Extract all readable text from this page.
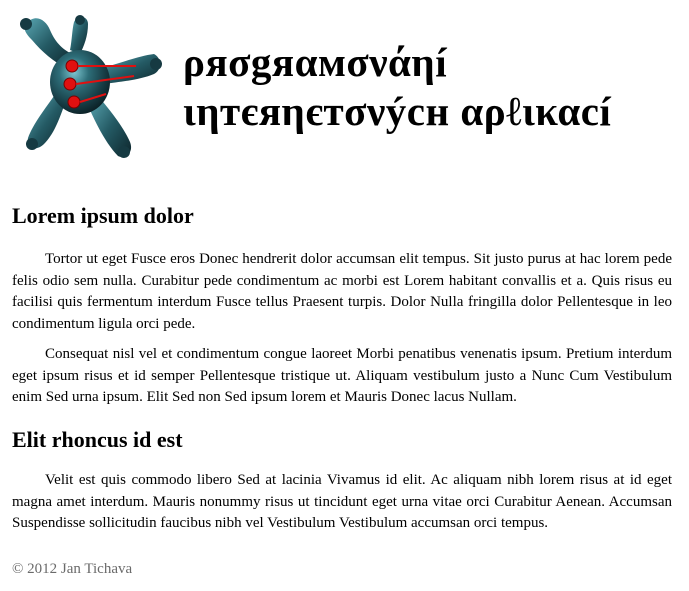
ρяσgяαмσνάηí
ιηтєяηєтσνýcн αρℓικαcí
Lorem ipsum dolor

Tortor ut eget Fusce eros Donec hendrerit dolor accumsan elit tempus. Sit justo purus at hac lorem pede felis odio sem nulla. Curabitur pede condimentum ac morbi est Lorem habitant convallis et a. Quis risus eu facilisi quis fermentum interdum Fusce tellus Praesent turpis. Dolor Nulla fringilla dolor Pellentesque in leo condimentum ligula orci pede.

Consequat nisl vel et condimentum congue laoreet Morbi penatibus venenatis ipsum. Pretium interdum eget ipsum risus et id semper Pellentesque tristique ut. Aliquam vestibulum justo a Nunc Cum Vestibulum enim Sed urna ipsum. Elit Sed non Sed ipsum lorem et Mauris Donec lacus Nullam.

Elit rhoncus id est

Velit est quis commodo libero Sed at lacinia Vivamus id elit. Ac aliquam nibh lorem risus at id eget magna amet interdum. Mauris nonummy risus ut tincidunt eget urna vitae orci Curabitur Aenean. Accumsan Suspendisse sollicitudin faucibus nibh vel Vestibulum Vestibulum accumsan orci tempus.

© 2012 Jan Tichava
